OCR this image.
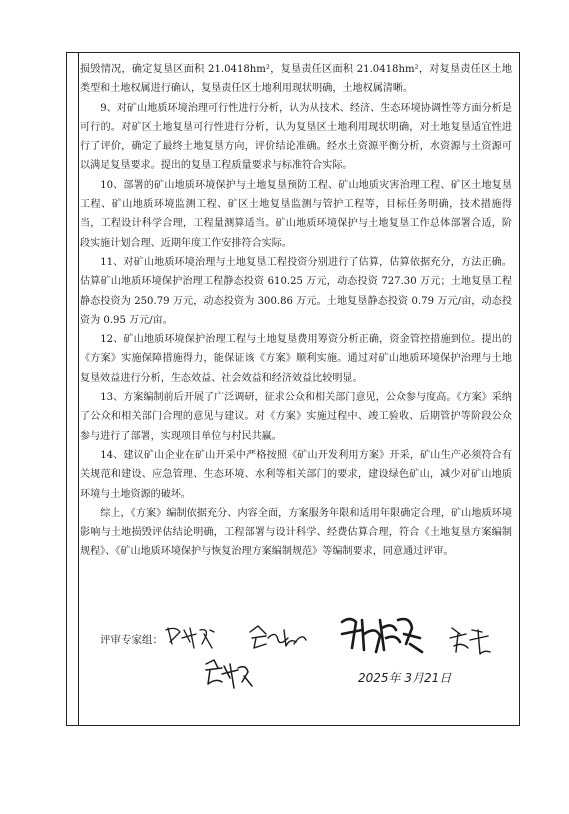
损毁情况，确定复垦区面积 21.0418hm²，复垦责任区面积 21.0418hm²，对复垦责任区土地类型和土地权属进行确认，复垦责任区土地利用现状明确，土地权属清晰。

9、对矿山地质环境治理可行性进行分析，认为从技术、经济、生态环境协调性等方面分析是可行的。对矿区土地复垦可行性进行分析，认为复垦区土地利用现状明确，对土地复垦适宜性进行了评价，确定了最终土地复垦方向，评价结论准确。经水土资源平衡分析，水资源与土资源可以满足复垦要求。提出的复垦工程质量要求与标准符合实际。

10、部署的矿山地质环境保护与土地复垦预防工程、矿山地质灾害治理工程、矿区土地复垦工程、矿山地质环境监测工程、矿区土地复垦监测与管护工程等，目标任务明确，技术措施得当，工程设计科学合理，工程量测算适当。矿山地质环境保护与土地复垦工作总体部署合适，阶段实施计划合理、近期年度工作安排符合实际。

11、对矿山地质环境治理与土地复垦工程投资分别进行了估算，估算依据充分，方法正确。估算矿山地质环境保护治理工程静态投资 610.25 万元，动态投资 727.30 万元；土地复垦工程静态投资为 250.79 万元，动态投资为 300.86 万元。土地复垦静态投资 0.79 万元/亩，动态投资为 0.95 万元/亩。

12、矿山地质环境保护治理工程与土地复垦费用筹资分析正确，资金管控措施到位。提出的《方案》实施保障措施得力，能保证该《方案》顺利实施。通过对矿山地质环境保护治理与土地复垦效益进行分析，生态效益、社会效益和经济效益比较明显。

13、方案编制前后开展了广泛调研，征求公众和相关部门意见，公众参与度高。《方案》采纳了公众和相关部门合理的意见与建议。对《方案》实施过程中、竣工验收、后期管护等阶段公众参与进行了部署，实现项目单位与村民共赢。

14、建议矿山企业在矿山开采中严格按照《矿山开发利用方案》开采，矿山生产必须符合有关规范和建设、应急管理、生态环境、水利等相关部门的要求，建设绿色矿山，减少对矿山地质环境与土地资源的破坏。

综上，《方案》编制依据充分、内容全面，方案服务年限和适用年限确定合理，矿山地质环境影响与土地损毁评估结论明确，工程部署与设计科学、经费估算合理，符合《土地复垦方案编制规程》、《矿山地质环境保护与恢复治理方案编制规范》等编制要求，同意通过评审。

评审专家组：
2025年 3月21日
